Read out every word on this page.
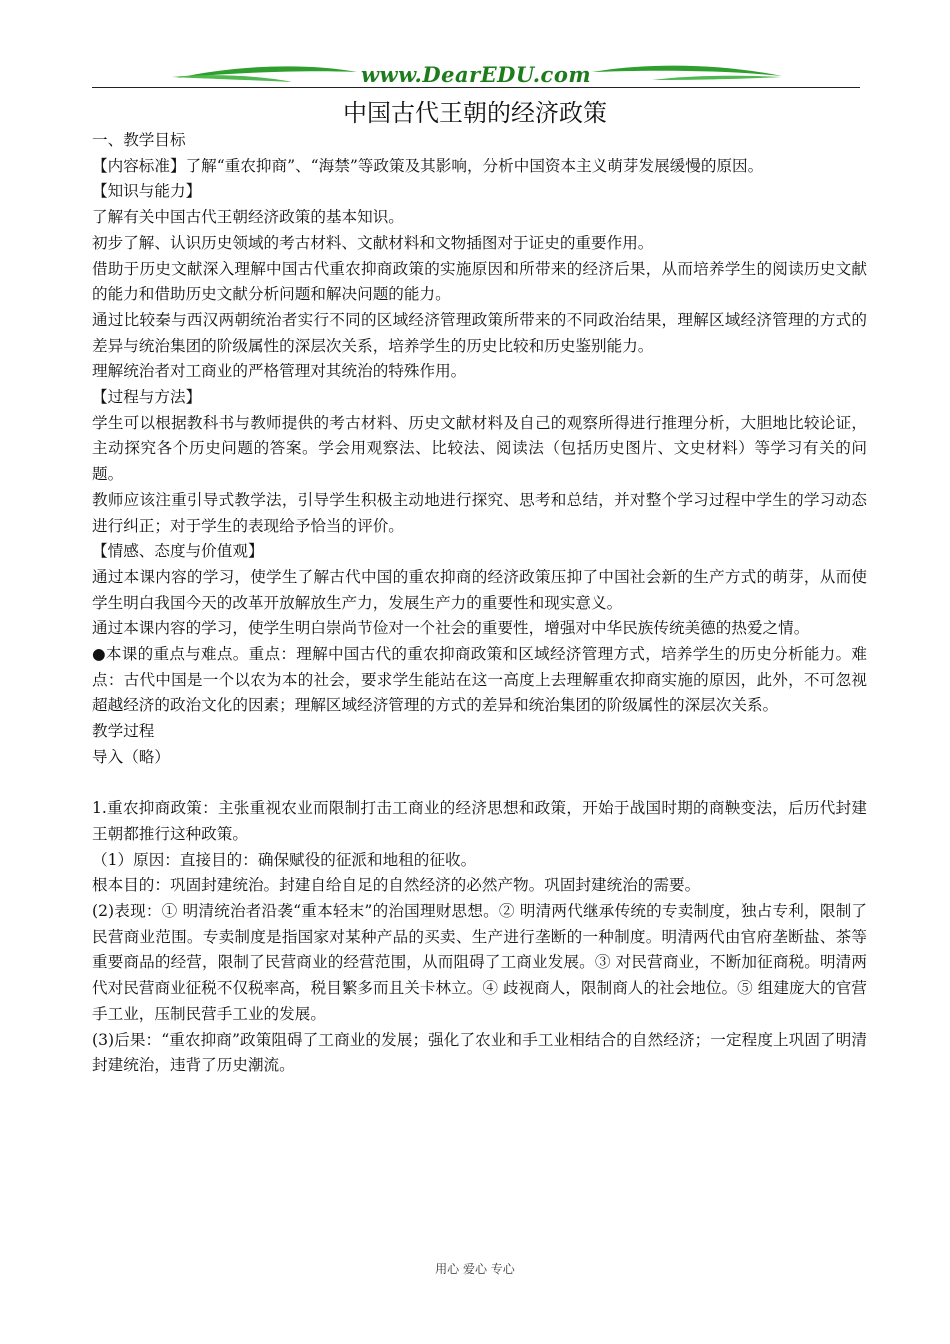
www.DearEDU.com
中国古代王朝的经济政策

一、教学目标

【内容标准】了解“重农抑商”、“海禁”等政策及其影响，分析中国资本主义萌芽发展缓慢的原因。

【知识与能力】

了解有关中国古代王朝经济政策的基本知识。

初步了解、认识历史领域的考古材料、文献材料和文物插图对于证史的重要作用。

借助于历史文献深入理解中国古代重农抑商政策的实施原因和所带来的经济后果，从而培养学生的阅读历史文献的能力和借助历史文献分析问题和解决问题的能力。

通过比较秦与西汉两朝统治者实行不同的区域经济管理政策所带来的不同政治结果，理解区域经济管理的方式的差异与统治集团的阶级属性的深层次关系，培养学生的历史比较和历史鉴别能力。

理解统治者对工商业的严格管理对其统治的特殊作用。

【过程与方法】

学生可以根据教科书与教师提供的考古材料、历史文献材料及自己的观察所得进行推理分析，大胆地比较论证，主动探究各个历史问题的答案。学会用观察法、比较法、阅读法（包括历史图片、文史材料）等学习有关的问题。

教师应该注重引导式教学法，引导学生积极主动地进行探究、思考和总结，并对整个学习过程中学生的学习动态进行纠正；对于学生的表现给予恰当的评价。

【情感、态度与价值观】

通过本课内容的学习，使学生了解古代中国的重农抑商的经济政策压抑了中国社会新的生产方式的萌芽，从而使学生明白我国今天的改革开放解放生产力，发展生产力的重要性和现实意义。

通过本课内容的学习，使学生明白崇尚节俭对一个社会的重要性，增强对中华民族传统美德的热爱之情。

●本课的重点与难点。重点：理解中国古代的重农抑商政策和区域经济管理方式，培养学生的历史分析能力。难点：古代中国是一个以农为本的社会，要求学生能站在这一高度上去理解重农抑商实施的原因，此外，不可忽视超越经济的政治文化的因素；理解区域经济管理的方式的差异和统治集团的阶级属性的深层次关系。

教学过程

导入（略）

1.重农抑商政策：主张重视农业而限制打击工商业的经济思想和政策，开始于战国时期的商鞅变法，后历代封建王朝都推行这种政策。

（1）原因：直接目的：确保赋役的征派和地租的征收。

根本目的：巩固封建统治。封建自给自足的自然经济的必然产物。巩固封建统治的需要。

(2)表现：① 明清统治者沿袭“重本轻末”的治国理财思想。② 明清两代继承传统的专卖制度，独占专利，限制了民营商业范围。专卖制度是指国家对某种产品的买卖、生产进行垄断的一种制度。明清两代由官府垄断盐、茶等重要商品的经营，限制了民营商业的经营范围，从而阻碍了工商业发展。③ 对民营商业，不断加征商税。明清两代对民营商业征税不仅税率高，税目繁多而且关卡林立。④ 歧视商人，限制商人的社会地位。⑤ 组建庞大的官营手工业，压制民营手工业的发展。

(3)后果：“重农抑商”政策阻碍了工商业的发展；强化了农业和手工业相结合的自然经济；一定程度上巩固了明清封建统治，违背了历史潮流。

用心 爱心 专心
